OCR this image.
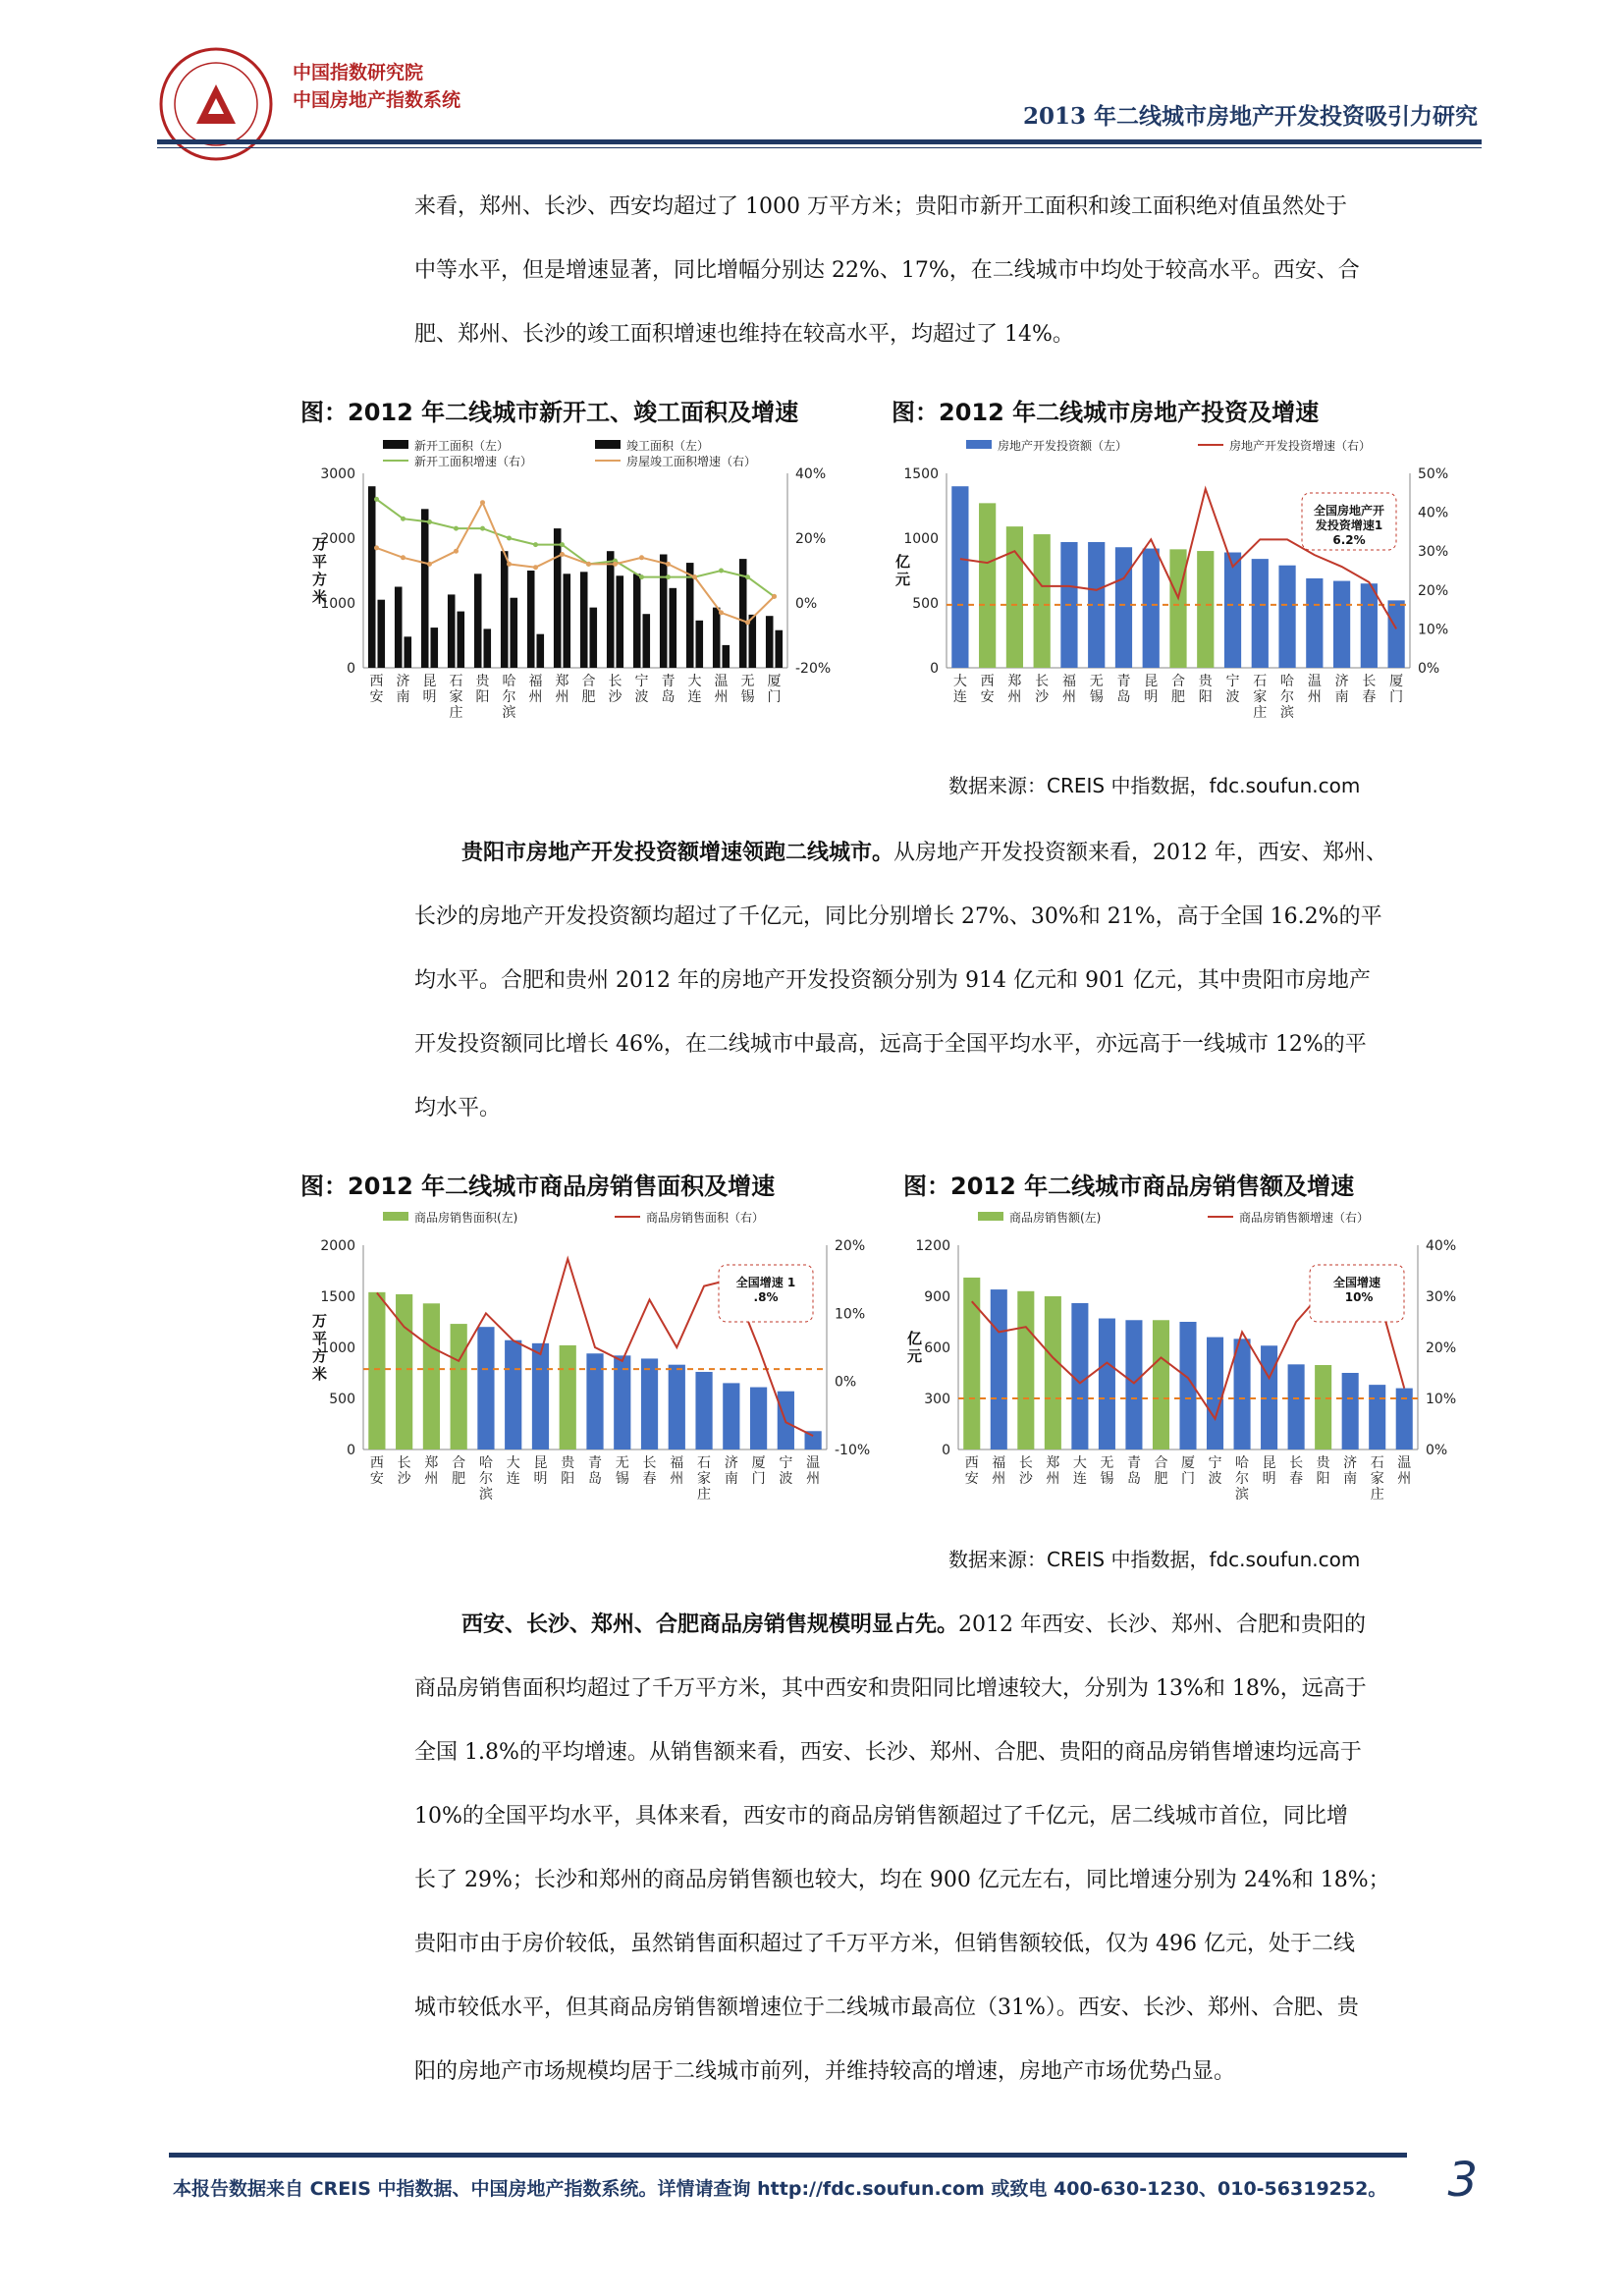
中国指数研究院
中国房地产指数系统
2013 年二线城市房地产开发投资吸引力研究
来看，郑州、长沙、西安均超过了 1000 万平方米；贵阳市新开工面积和竣工面积绝对值虽然处于
中等水平，但是增速显著，同比增幅分别达 22%、17%，在二线城市中均处于较高水平。西安、合
肥、郑州、长沙的竣工面积增速也维持在较高水平，均超过了 14%。
图：2012 年二线城市新开工、竣工面积及增速	图：2012 年二线城市房地产投资及增速
0
1000
2000
3000
-20%
0%
20%
40%
万
平
方
米
西
安
济
南
昆
明
石
家
庄
贵
阳
哈
尔
滨
福
州
郑
州
合
肥
长
沙
宁
波
青
岛
大
连
温
州
无
锡
厦
门
新开工面积（左）	竣工面积（左）
新开工面积增速（右）	房屋竣工面积增速（右）
0
500
1000
1500
0%
10%
20%
30%
40%
50%
亿
元
大
连
西
安
郑
州
长
沙
福
州
无
锡
青
岛
昆
明
合
肥
贵
阳
宁
波
石
家
庄
哈
尔
滨
温
州
济
南
长
春
厦
门
房地产开发投资额（左）	房地产开发投资增速（右）
全国房地产开发投资增速1 6.2%
数据来源：CREIS 中指数据，fdc.soufun.com
贵阳市房地产开发投资额增速领跑二线城市。从房地产开发投资额来看，2012 年，西安、郑州、
长沙的房地产开发投资额均超过了千亿元，同比分别增长 27%、30%和 21%，高于全国 16.2%的平
均水平。合肥和贵州 2012 年的房地产开发投资额分别为 914 亿元和 901 亿元，其中贵阳市房地产
开发投资额同比增长 46%，在二线城市中最高，远高于全国平均水平，亦远高于一线城市 12%的平
均水平。
图：2012 年二线城市商品房销售面积及增速	图：2012 年二线城市商品房销售额及增速
0
500
1000
1500
2000
-10%
0%
10%
20%
万
平
方
米
西
安
长
沙
郑
州
合
肥
哈
尔
滨
大
连
昆
明
贵
阳
青
岛
无
锡
长
春
福
州
石
家
庄
济
南
厦
门
宁
波
温
州
商品房销售面积(左)	商品房销售面积（右）
全国增速 1 .8%
0
300
600
900
1200
0%
10%
20%
30%
40%
亿
元
西
安
福
州
长
沙
郑
州
大
连
无
锡
青
岛
合
肥
厦
门
宁
波
哈
尔
滨
昆
明
长
春
贵
阳
济
南
石
家
庄
温
州
商品房销售额(左)	商品房销售额增速（右）
全国增速 10%
数据来源：CREIS 中指数据，fdc.soufun.com
西安、长沙、郑州、合肥商品房销售规模明显占先。2012 年西安、长沙、郑州、合肥和贵阳的
商品房销售面积均超过了千万平方米，其中西安和贵阳同比增速较大，分别为 13%和 18%，远高于
全国 1.8%的平均增速。从销售额来看，西安、长沙、郑州、合肥、贵阳的商品房销售增速均远高于
10%的全国平均水平，具体来看，西安市的商品房销售额超过了千亿元，居二线城市首位，同比增
长了 29%；长沙和郑州的商品房销售额也较大，均在 900 亿元左右，同比增速分别为 24%和 18%；
贵阳市由于房价较低，虽然销售面积超过了千万平方米，但销售额较低，仅为 496 亿元，处于二线
城市较低水平，但其商品房销售额增速位于二线城市最高位（31%）。西安、长沙、郑州、合肥、贵
阳的房地产市场规模均居于二线城市前列，并维持较高的增速，房地产市场优势凸显。
本报告数据来自 CREIS 中指数据、中国房地产指数系统。详情请查询 http://fdc.soufun.com 或致电 400-630-1230、010-56319252。 3
